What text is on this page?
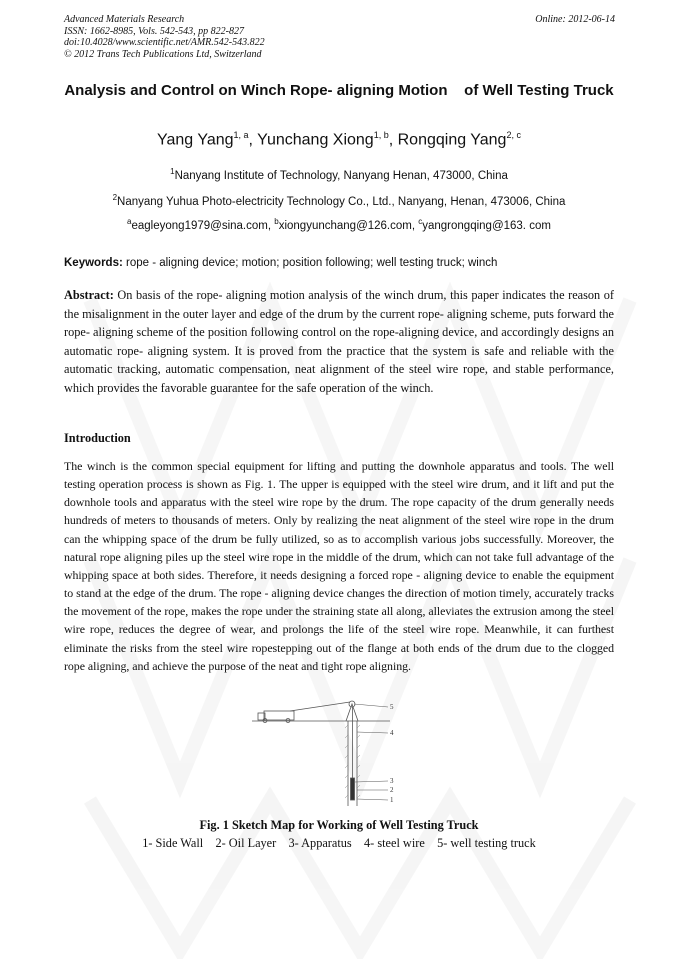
Advanced Materials Research
ISSN: 1662-8985, Vols. 542-543, pp 822-827
doi:10.4028/www.scientific.net/AMR.542-543.822
© 2012 Trans Tech Publications Ltd, Switzerland
Online: 2012-06-14
Analysis and Control on Winch Rope- aligning Motion    of Well Testing Truck
Yang Yang$^{1, a}$, Yunchang Xiong$^{1, b}$, Rongqing Yang$^{2, c}$
$^1$Nanyang Institute of Technology, Nanyang Henan, 473000, China
$^2$Nanyang Yuhua Photo-electricity Technology Co., Ltd., Nanyang, Henan, 473006, China
$^a$eagleyong1979@sina.com, $^b$xiongyunchang@126.com, $^c$yangrongqing@163. com
Keywords: rope - aligning device; motion; position following; well testing truck; winch
Abstract: On basis of the rope- aligning motion analysis of the winch drum, this paper indicates the reason of the misalignment in the outer layer and edge of the drum by the current rope- aligning scheme, puts forward the rope- aligning scheme of the position following control on the rope-aligning device, and accordingly designs an automatic rope- aligning system. It is proved from the practice that the system is safe and reliable with the automatic tracking, automatic compensation, neat alignment of the steel wire rope, and stable performance, which provides the favorable guarantee for the safe operation of the winch.
Introduction
The winch is the common special equipment for lifting and putting the downhole apparatus and tools. The well testing operation process is shown as Fig. 1. The upper is equipped with the steel wire drum, and it lift and put the downhole tools and apparatus with the steel wire rope by the drum. The rope capacity of the drum generally needs hundreds of meters to thousands of meters. Only by realizing the neat alignment of the steel wire rope in the drum can the whipping space of the drum be fully utilized, so as to accomplish various jobs successfully. Moreover, the natural rope aligning piles up the steel wire rope in the middle of the drum, which can not take full advantage of the whipping space at both sides. Therefore, it needs designing a forced rope - aligning device to enable the equipment to stand at the edge of the drum. The rope - aligning device changes the direction of motion timely, accurately tracks the movement of the rope, makes the rope under the straining state all along, alleviates the extrusion among the steel wire rope, reduces the degree of wear, and prolongs the life of the steel wire rope. Meanwhile, it can furthest eliminate the risks from the steel wire ropestepping out of the flange at both ends of the drum due to the clogged rope aligning, and achieve the purpose of the neat and tight rope aligning.
5
4
3
2
1
Fig. 1 Sketch Map for Working of Well Testing Truck
1- Side Wall    2- Oil Layer    3- Apparatus    4- steel wire    5- well testing truck
